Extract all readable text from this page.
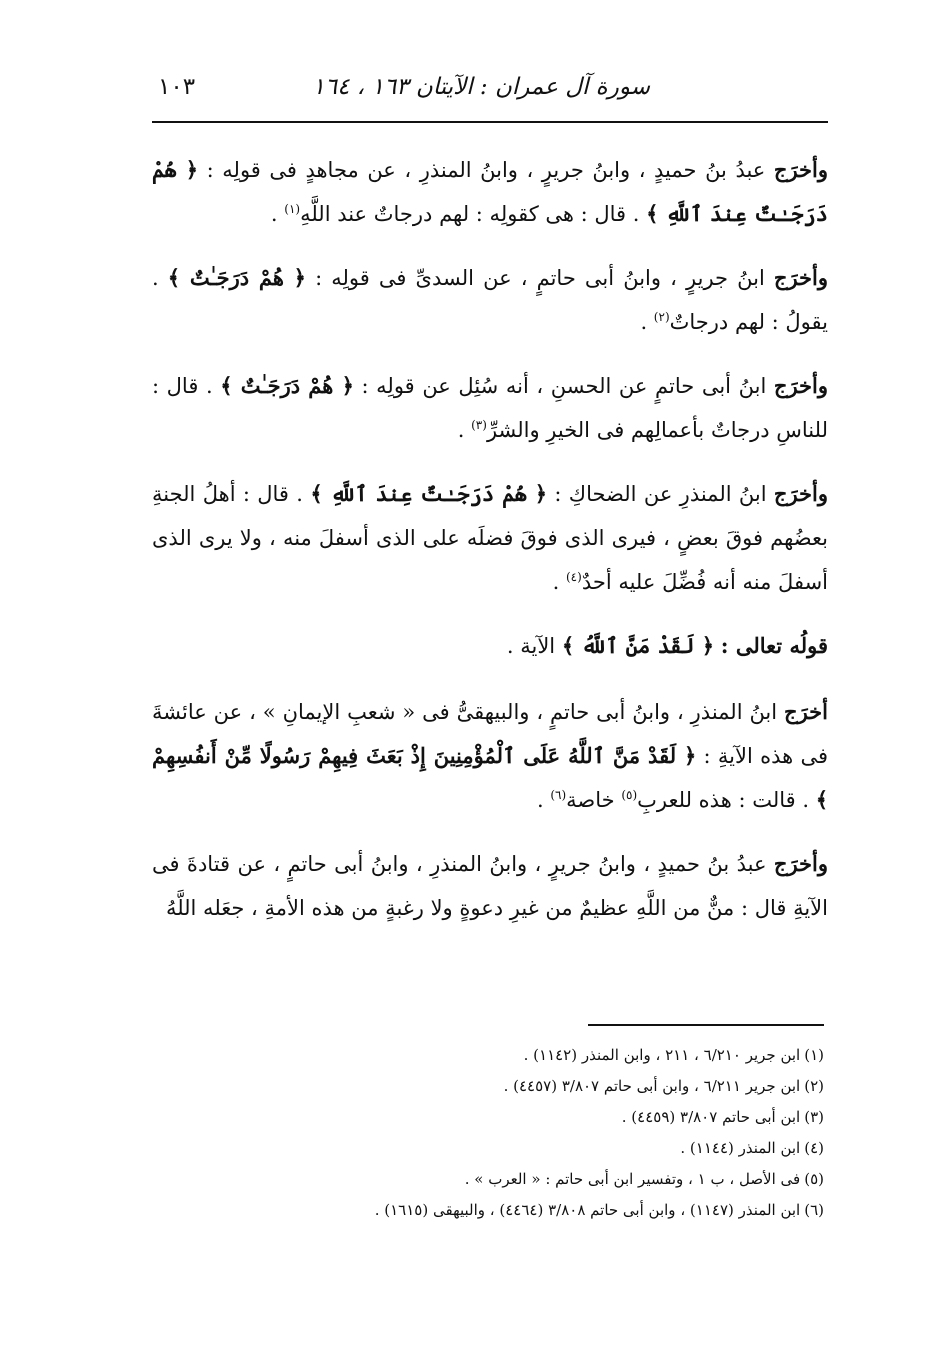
سورة آل عمران : الآيتان ١٦٣ ، ١٦٤
١٠٣

وأخرَج عبدُ بنُ حميدٍ ، وابنُ جريرٍ ، وابنُ المنذرِ ، عن مجاهدٍ فى قولِه : ﴿ هُمْ دَرَجَـٰتٌ عِندَ ٱللَّهِ ﴾ . قال : هى كقولِه : لهم درجاتٌ عند اللَّهِ$^{(١)}$ .

وأخرَج ابنُ جريرٍ ، وابنُ أبى حاتمٍ ، عن السدىِّ فى قولِه : ﴿ هُمْ دَرَجَـٰتٌ ﴾ . يقولُ : لهم درجاتٌ$^{(٢)}$ .

وأخرَج ابنُ أبى حاتمٍ عن الحسنِ ، أنه سُئِل عن قولِه : ﴿ هُمْ دَرَجَـٰتٌ ﴾ . قال : للناسِ درجاتٌ بأعمالِهم فى الخيرِ والشرِّ$^{(٣)}$ .

وأخرَج ابنُ المنذرِ عن الضحاكِ : ﴿ هُمْ دَرَجَـٰتٌ عِندَ ٱللَّهِ ﴾ . قال : أهلُ الجنةِ بعضُهم فوقَ بعضٍ ، فيرى الذى فوقَ فضلَه على الذى أسفلَ منه ، ولا يرى الذى أسفلَ منه أنه فُضِّلَ عليه أحدٌ$^{(٤)}$ .

قولُه تعالى : ﴿ لَقَدْ مَنَّ ٱللَّهُ ﴾ الآية .

أخرَج ابنُ المنذرِ ، وابنُ أبى حاتمٍ ، والبيهقىُّ فى « شعبِ الإيمانِ » ، عن عائشةَ فى هذه الآيةِ : ﴿ لَقَدْ مَنَّ ٱللَّهُ عَلَى ٱلْمُؤْمِنِينَ إِذْ بَعَثَ فِيهِمْ رَسُولًا مِّنْ أَنفُسِهِمْ ﴾ . قالت : هذه للعربِ$^{(٥)}$ خاصة$^{(٦)}$ .

وأخرَج عبدُ بنُ حميدٍ ، وابنُ جريرٍ ، وابنُ المنذرِ ، وابنُ أبى حاتمٍ ، عن قتادةَ فى الآيةِ قال : منٌّ من اللَّهِ عظيمٌ من غيرِ دعوةٍ ولا رغبةٍ من هذه الأمةِ ، جعَله اللَّهُ

(١)ابن جرير ٦/٢١٠ ، ٢١١ ، وابن المنذر (١١٤٢) .
(٢)ابن جرير ٦/٢١١ ، وابن أبى حاتم ٣/٨٠٧ (٤٤٥٧) .
(٣)ابن أبى حاتم ٣/٨٠٧ (٤٤٥٩) .
(٤)ابن المنذر (١١٤٤) .
(٥)فى الأصل ، ب ١ ، وتفسير ابن أبى حاتم : « العرب » .
(٦)ابن المنذر (١١٤٧) ، وابن أبى حاتم ٣/٨٠٨ (٤٤٦٤) ، والبيهقى (١٦١٥) .
